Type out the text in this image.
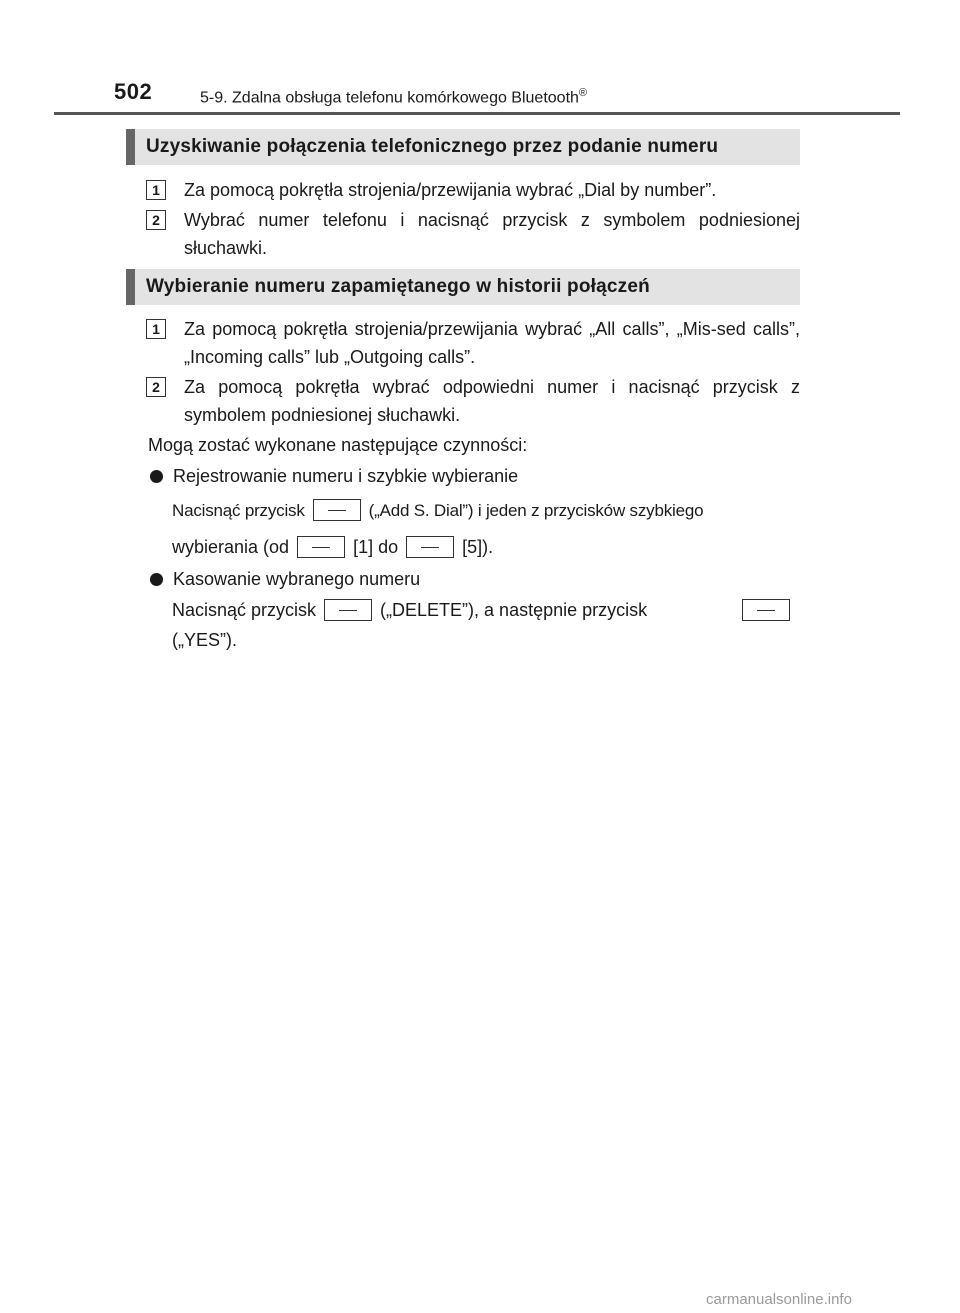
502	5-9. Zdalna obsługa telefonu komórkowego Bluetooth®
Uzyskiwanie połączenia telefonicznego przez podanie numeru
1	Za pomocą pokrętła strojenia/przewijania wybrać „Dial by number”.
2	Wybrać numer telefonu i nacisnąć przycisk z symbolem podniesionej słuchawki.
Wybieranie numeru zapamiętanego w historii połączeń
1	Za pomocą pokrętła strojenia/przewijania wybrać „All calls”, „Mis-sed calls”, „Incoming calls” lub „Outgoing calls”.
2	Za pomocą pokrętła wybrać odpowiedni numer i nacisnąć przycisk z symbolem podniesionej słuchawki.
Mogą zostać wykonane następujące czynności:
Rejestrowanie numeru i szybkie wybieranie
Nacisnąć przycisk	(„Add S. Dial”) i jeden z przycisków szybkiego
wybierania (od	[1] do	[5]).
Kasowanie wybranego numeru
Nacisnąć przycisk	(„DELETE”), a następnie przycisk
(„YES”).
carmanualsonline.info
